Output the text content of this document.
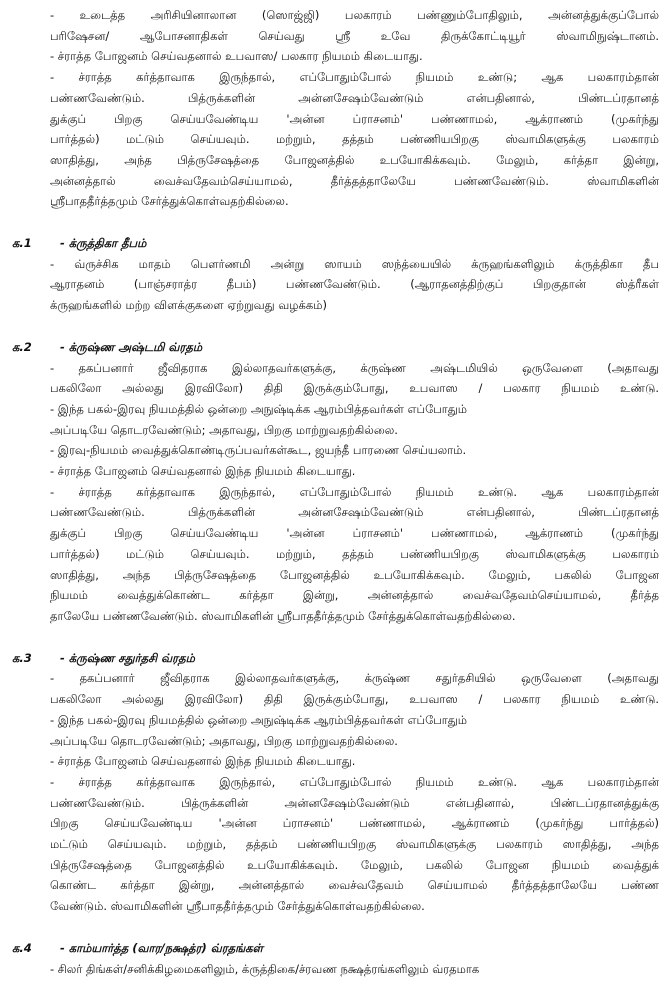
- உடைத்த அரிசியினாலான (ஸொஜ்ஜி) பலகாரம் பண்ணும்போதிலும், அன்னத்துக்குப்போல்
பரிஷேசன/ ஆபோசனாதிகள் செய்வது ஸ்ரீ உவே திருக்கோட்டியூர் ஸ்வாமிநுஷ்டானம்.
- ச்ராத்த போஜனம் செய்வதனால் உபவாஸ/ பலகார நியமம் கிடையாது.
- ச்ராத்த கர்த்தாவாக இருந்தால், எப்போதும்போல் நியமம் உண்டு; ஆக பலகாரம்தான்
பண்ணவேண்டும். பித்ருக்களின் அன்னசேஷம்வேண்டும் என்பதினால், பிண்டப்ரதானத்
துக்குப் பிறகு செய்யவேண்டிய 'அன்ன ப்ராசனம்' பண்ணாமல், ஆக்ராணம் (முகர்ந்து
பார்த்தல்) மட்டும் செய்யவும். மற்றும், தத்தம் பண்ணியபிறகு ஸ்வாமிகளுக்கு பலகாரம்
ஸாதித்து, அந்த பித்ருசேஷத்தை போஜனத்தில் உபயோகிக்கவும். மேலும், கர்த்தா இன்று,
அன்னத்தால் வைச்வதேவம்செய்யாமல், தீர்த்தத்தாலேயே பண்ணவேண்டும். ஸ்வாமிகளின்
ஸ்ரீபாததீர்த்தமும் சேர்த்துக்கொள்வதற்கில்லை.
க.1	- க்ருத்திகா தீபம்
- வ்ருச்சிக மாதம் பௌர்ணமி அன்று ஸாயம் ஸந்த்யையில் க்ருஹங்களிலும் க்ருத்திகா தீப
ஆராதனம் (பாஞ்சராத்ர தீபம்) பண்ணவேண்டும். (ஆராதனத்திற்குப் பிறகுதான் ஸ்த்ரீகள்
க்ருஹங்களில் மற்ற விளக்குகளை ஏற்றுவது வழக்கம்)
க.2	- க்ருஷ்ண அஷ்டமி வ்ரதம்
- தகப்பனார் ஜீவிதராக இல்லாதவர்களுக்கு, க்ருஷ்ண அஷ்டமியில் ஒருவேளை (அதாவது
பகலிலோ அல்லது இரவிலோ) திதி இருக்கும்போது, உபவாஸ / பலகார நியமம் உண்டு.
- இந்த பகல்-இரவு நியமத்தில் ஒன்றை அநுஷ்டிக்க ஆரம்பித்தவர்கள் எப்போதும்
அப்படியே தொடரவேண்டும்; அதாவது, பிறகு மாற்றுவதற்கில்லை.
- இரவு-நியமம் வைத்துக்கொண்டிருப்பவர்கள்கூட, ஜயந்தீ பாரணை செய்யலாம்.
- ச்ராத்த போஜனம் செய்வதனால் இந்த நியமம் கிடையாது.
- ச்ராத்த கர்த்தாவாக இருந்தால், எப்போதும்போல் நியமம் உண்டு. ஆக பலகாரம்தான்
பண்ணவேண்டும். பித்ருக்களின் அன்னசேஷம்வேண்டும் என்பதினால், பிண்டப்ரதானத்
துக்குப் பிறகு செய்யவேண்டிய 'அன்ன ப்ராசனம்' பண்ணாமல், ஆக்ராணம் (முகர்ந்து
பார்த்தல்) மட்டும் செய்யவும். மற்றும், தத்தம் பண்ணியபிறகு ஸ்வாமிகளுக்கு பலகாரம்
ஸாதித்து, அந்த பித்ருசேஷத்தை போஜனத்தில் உபயோகிக்கவும். மேலும், பகலில் போஜன
நியமம் வைத்துக்கொண்ட கர்த்தா இன்று, அன்னத்தால் வைச்வதேவம்செய்யாமல், தீர்த்த
தாலேயே பண்ணவேண்டும். ஸ்வாமிகளின் ஸ்ரீபாததீர்த்தமும் சேர்த்துக்கொள்வதற்கில்லை.
க.3	- க்ருஷ்ண சதுர்தசி வ்ரதம்
- தகப்பனார் ஜீவிதராக இல்லாதவர்களுக்கு, க்ருஷ்ண சதுர்தசியில் ஒருவேளை (அதாவது
பகலிலோ அல்லது இரவிலோ) திதி இருக்கும்போது, உபவாஸ / பலகார நியமம் உண்டு.
- இந்த பகல்-இரவு நியமத்தில் ஒன்றை அநுஷ்டிக்க ஆரம்பித்தவர்கள் எப்போதும்
அப்படியே தொடரவேண்டும்; அதாவது, பிறகு மாற்றுவதற்கில்லை.
- ச்ராத்த போஜனம் செய்வதனால் இந்த நியமம் கிடையாது.
- ச்ராத்த கர்த்தாவாக இருந்தால், எப்போதும்போல் நியமம் உண்டு. ஆக பலகாரம்தான்
பண்ணவேண்டும். பித்ருக்களின் அன்னசேஷம்வேண்டும் என்பதினால், பிண்டப்ரதானத்துக்கு
பிறகு செய்யவேண்டிய 'அன்ன ப்ராசனம்' பண்ணாமல், ஆக்ராணம் (முகர்ந்து பார்த்தல்)
மட்டும் செய்யவும். மற்றும், தத்தம் பண்ணியபிறகு ஸ்வாமிகளுக்கு பலகாரம் ஸாதித்து, அந்த
பித்ருசேஷத்தை போஜனத்தில் உபயோகிக்கவும். மேலும், பகலில் போஜன நியமம் வைத்துக்
கொண்ட கர்த்தா இன்று, அன்னத்தால் வைச்வதேவம் செய்யாமல் தீர்த்தத்தாலேயே பண்ண
வேண்டும். ஸ்வாமிகளின் ஸ்ரீபாததீர்த்தமும் சேர்த்துக்கொள்வதற்கில்லை.
க.4	- காம்யார்த்த (வார/நக்ஷத்ர) வ்ரதங்கள்
- சிலர் திங்கள்/சனிக்கிழமைகளிலும், க்ருத்திகை/ச்ரவண நக்ஷத்ரங்களிலும் வ்ரதமாக
